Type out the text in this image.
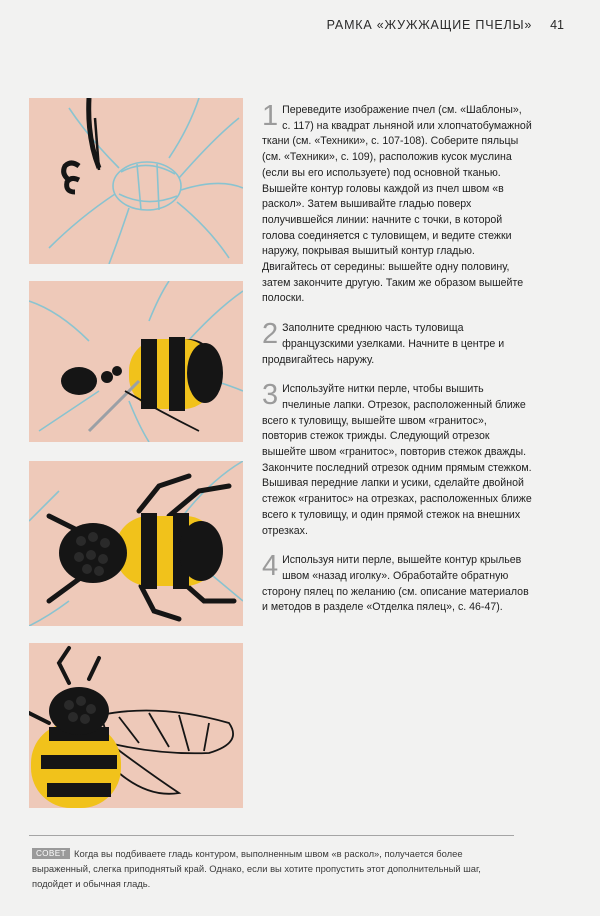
РАМКА «ЖУЖЖАЩИЕ ПЧЕЛЫ» 41
1 Переведите изображение пчел (см. «Шаблоны», с. 117) на квадрат льняной или хлопчатобумажной ткани (см. «Техники», с. 107-108). Соберите пяльцы (см. «Техники», с. 109), расположив кусок муслина (если вы его используете) под основной тканью. Вышейте контур головы каждой из пчел швом «в раскол». Затем вышивайте гладью поверх получившейся линии: начните с точки, в которой голова соединяется с туловищем, и ведите стежки наружу, покрывая вышитый контур гладью. Двигайтесь от середины: вышейте одну половину, затем закончите другую. Таким же образом вышейте полоски.

2 Заполните среднюю часть туловища французскими узелками. Начните в центре и продвигайтесь наружу.

3 Используйте нитки перле, чтобы вышить пчелиные лапки. Отрезок, расположенный ближе всего к туловищу, вышейте швом «гранитос», повторив стежок трижды. Следующий отрезок вышейте швом «гранитос», повторив стежок дважды. Закончите последний отрезок одним прямым стежком. Вышивая передние лапки и усики, сделайте двойной стежок «гранитос» на отрезках, расположенных ближе всего к туловищу, и один прямой стежок на внешних отрезках.

4 Используя нити перле, вышейте контур крыльев швом «назад иголку». Обработайте обратную сторону пялец по желанию (см. описание материалов и методов в разделе «Отделка пялец», с. 46-47).

СОВЕТ Когда вы подбиваете гладь контуром, выполненным швом «в раскол», получается более выраженный, слегка приподнятый край. Однако, если вы хотите пропустить этот дополнительный шаг, подойдет и обычная гладь.
